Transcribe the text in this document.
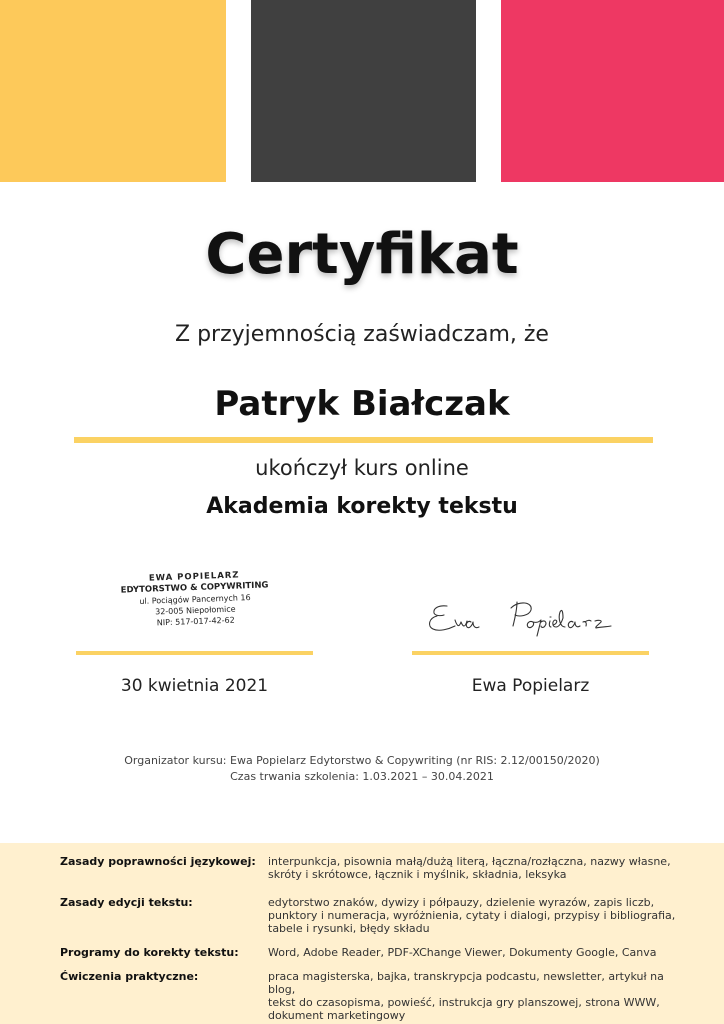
Certyfikat
Z przyjemnością zaświadczam, że
Patryk Białczak
ukończył kurs online
Akademia korekty tekstu
EWA POPIELARZ
EDYTORSTWO & COPYWRITING
ul. Pociągów Pancernych 16
32-005 Niepołomice
NIP: 517-017-42-62
30 kwietnia 2021	Ewa Popielarz
Organizator kursu: Ewa Popielarz Edytorstwo & Copywriting (nr RIS: 2.12/00150/2020)
Czas trwania szkolenia: 1.03.2021 – 30.04.2021
Zasady poprawności językowej:	interpunkcja, pisownia małą/dużą literą, łączna/rozłączna, nazwy własne,
skróty i skrótowce, łącznik i myślnik, składnia, leksyka
Zasady edycji tekstu:	edytorstwo znaków, dywizy i półpauzy, dzielenie wyrazów, zapis liczb,
punktory i numeracja, wyróżnienia, cytaty i dialogi, przypisy i bibliografia,
tabele i rysunki, błędy składu
Programy do korekty tekstu:	Word, Adobe Reader, PDF-XChange Viewer, Dokumenty Google, Canva
Ćwiczenia praktyczne:	praca magisterska, bajka, transkrypcja podcastu, newsletter, artykuł na blog,
tekst do czasopisma, powieść, instrukcja gry planszowej, strona WWW,
dokument marketingowy
